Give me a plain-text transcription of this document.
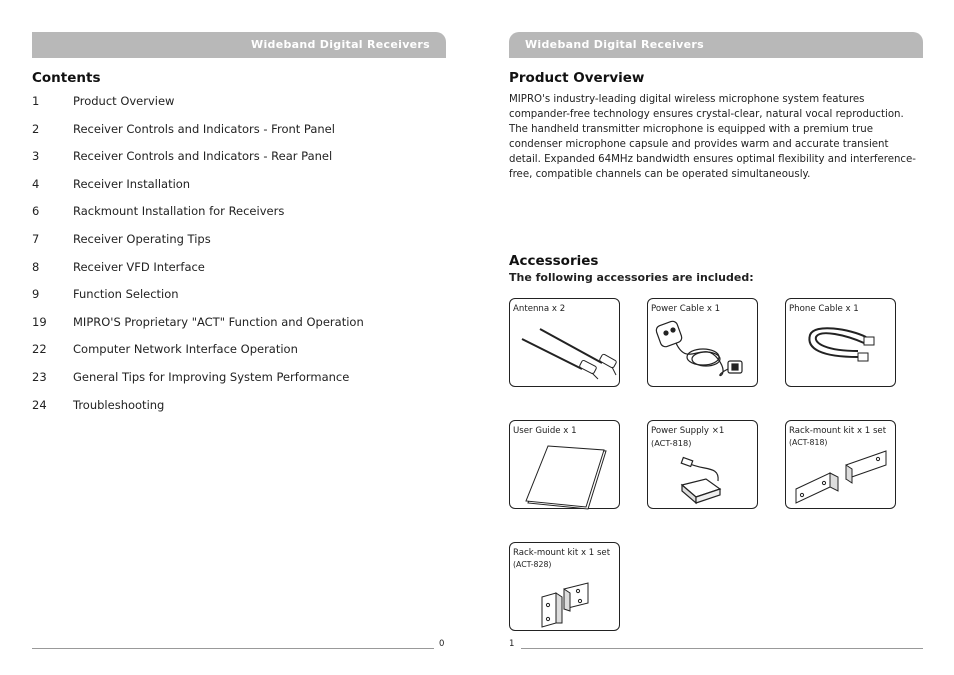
Wideband Digital Receivers
Contents
1	Product Overview
2	Receiver Controls and Indicators - Front Panel
3	Receiver Controls and Indicators - Rear Panel
4	Receiver Installation
6	Rackmount Installation for Receivers
7	Receiver Operating Tips
8	Receiver VFD Interface
9	Function Selection
19 MIPRO'S Proprietary "ACT" Function and Operation
22 Computer Network Interface Operation
23 General Tips for Improving System Performance
24 Troubleshooting
0
Wideband Digital Receivers
Product Overview

MIPRO's industry-leading digital wireless microphone system features compander-free technology ensures crystal-clear, natural vocal reproduction. The handheld transmitter microphone is equipped with a premium true condenser microphone capsule and provides warm and accurate transient detail. Expanded 64MHz bandwidth ensures optimal flexibility and interference-free, compatible channels can be operated simultaneously.

Accessories

The following accessories are included:

Antenna x 2	Power Cable x 1	Phone Cable x 1
User Guide x 1	Power Supply ×1
(ACT-818)
Rack-mount kit x 1 set
(ACT-818)
Rack-mount kit x 1 set
(ACT-828)
1
